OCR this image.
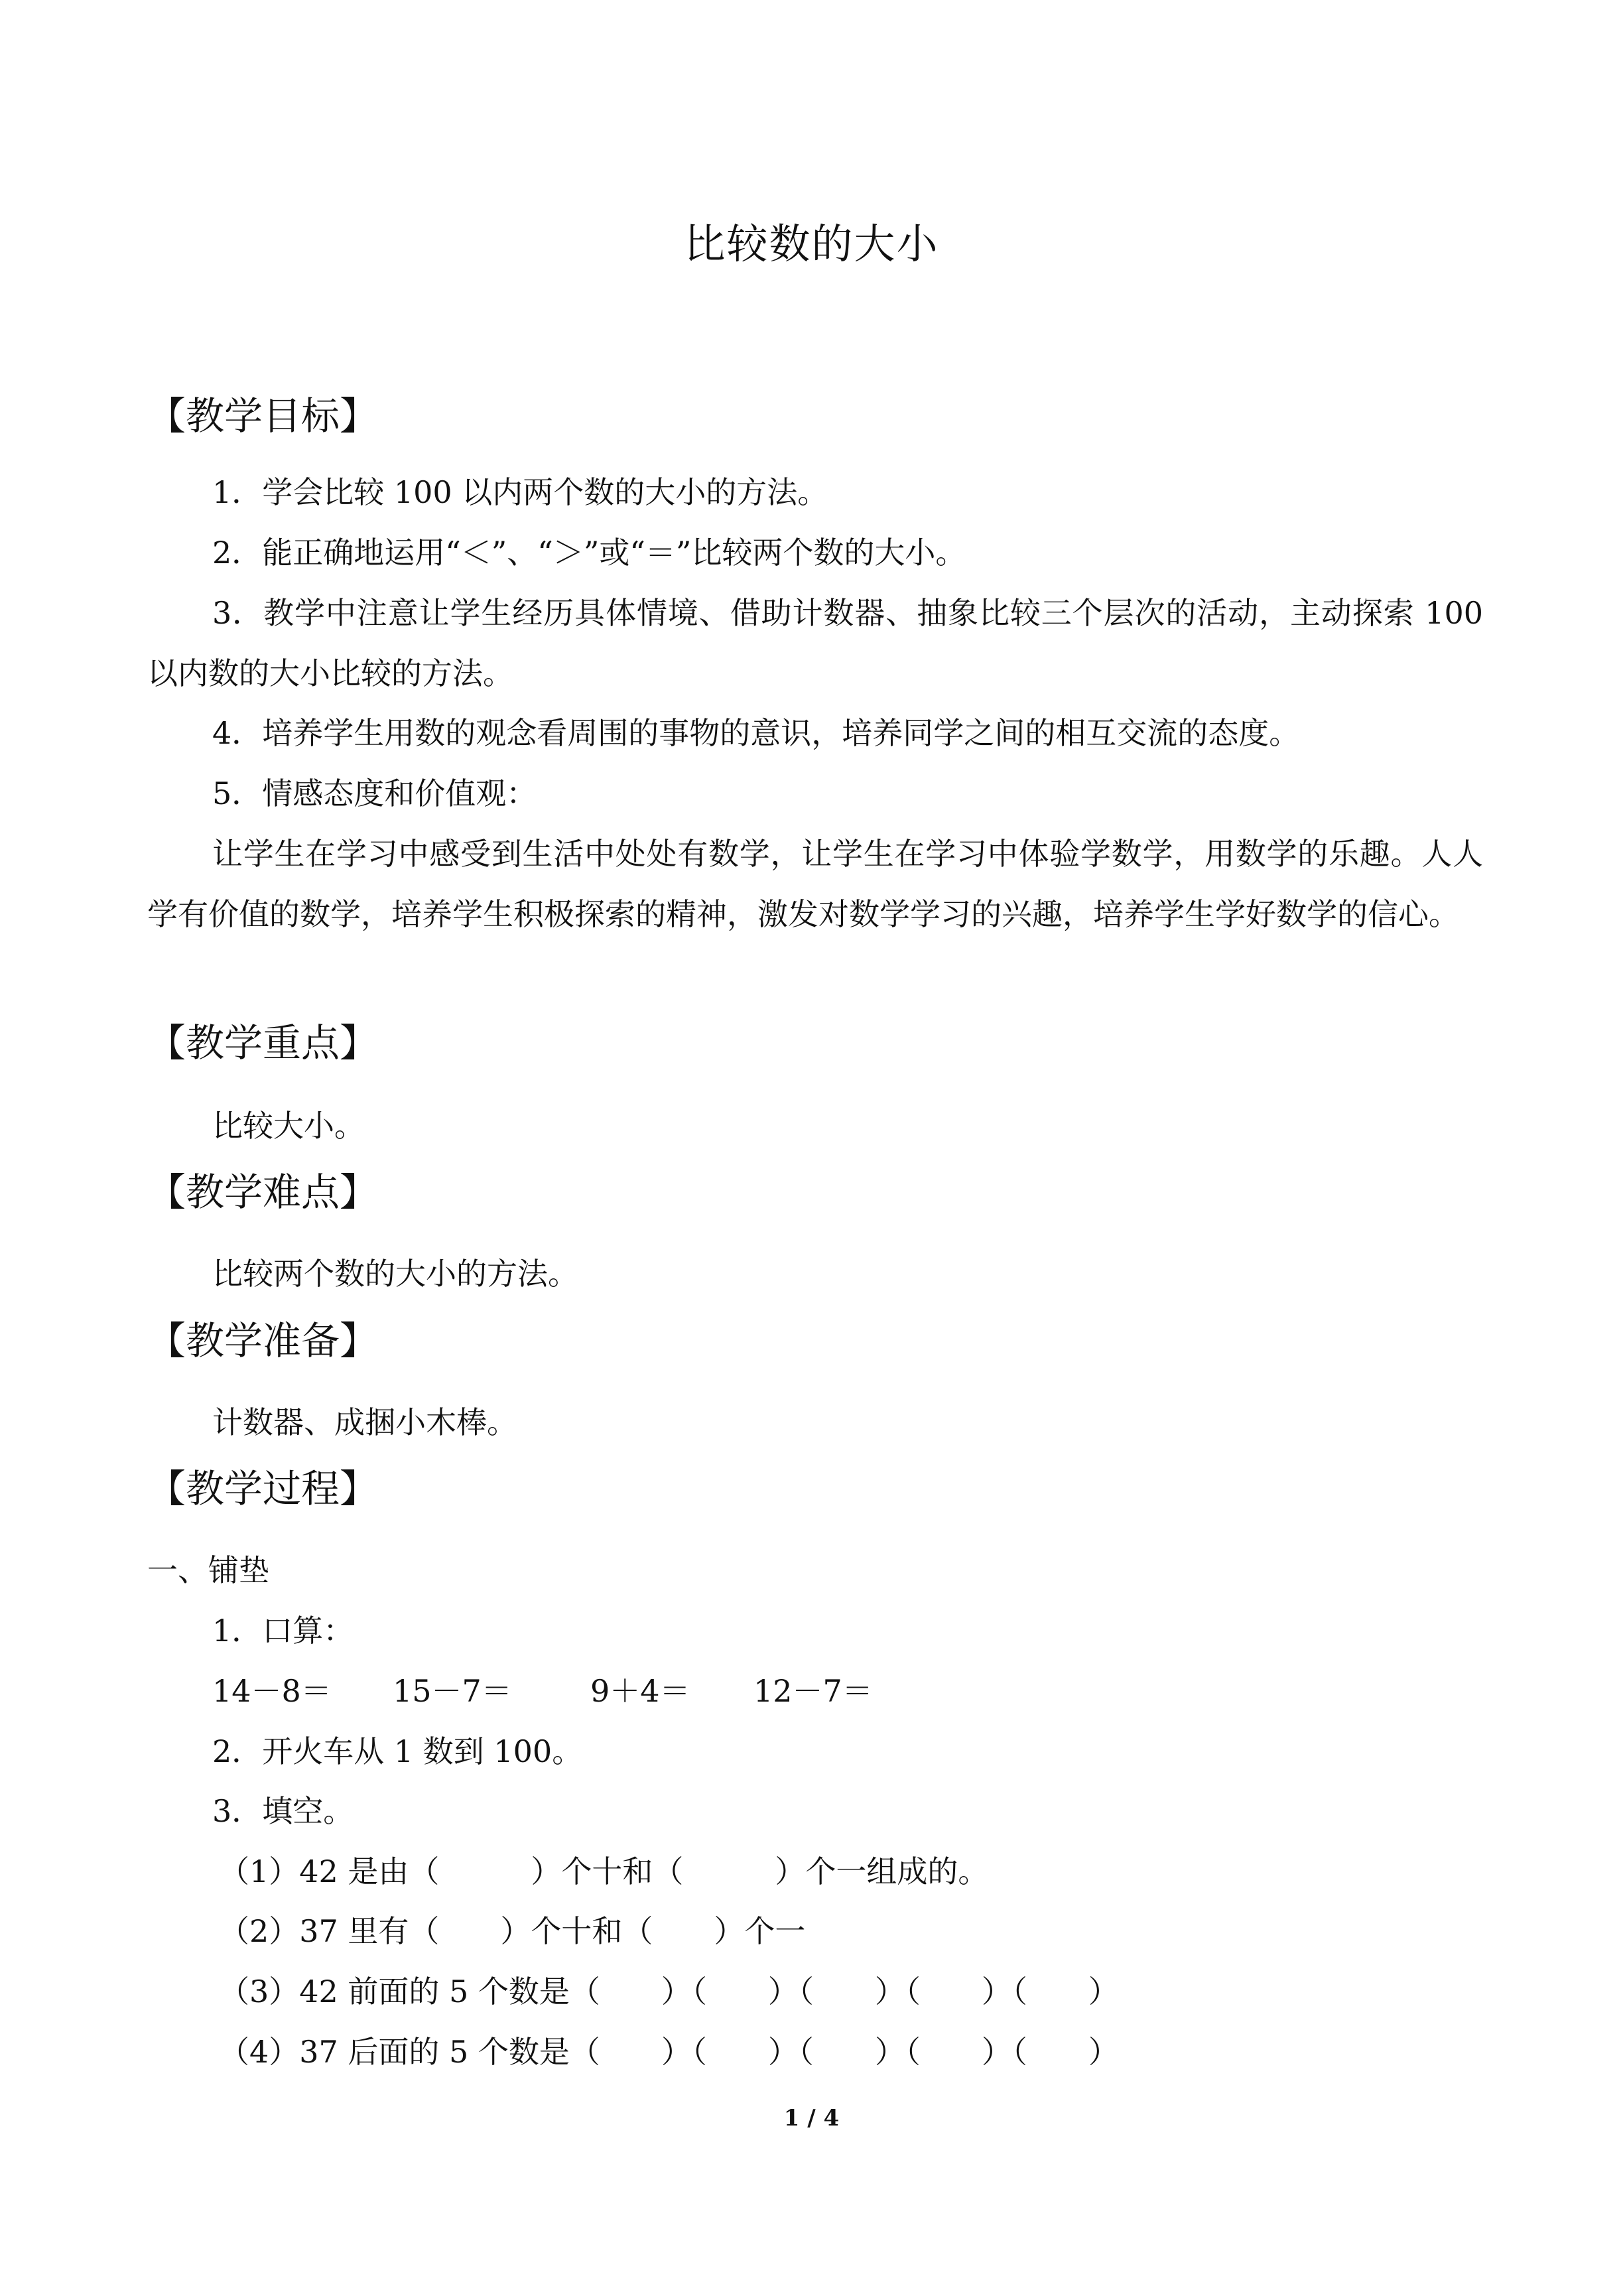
比较数的大小
【教学目标】
1．学会比较 100 以内两个数的大小的方法。
2．能正确地运用“＜”、“＞”或“＝”比较两个数的大小。
3．教学中注意让学生经历具体情境、借助计数器、抽象比较三个层次的活动，主动探索 100 以内数的大小比较的方法。
4．培养学生用数的观念看周围的事物的意识，培养同学之间的相互交流的态度。
5．情感态度和价值观：
让学生在学习中感受到生活中处处有数学，让学生在学习中体验学数学，用数学的乐趣。人人学有价值的数学，培养学生积极探索的精神，激发对数学学习的兴趣，培养学生学好数学的信心。
【教学重点】
比较大小。
【教学难点】
比较两个数的大小的方法。
【教学准备】
计数器、成捆小木棒。
【教学过程】
一、铺垫
1．口算：
14－8＝ 15－7＝	9＋4＝ 12－7＝
2．开火车从 1 数到 100。
3．填空。
（1）42 是由（　　　）个十和（　　　）个一组成的。
（2）37 里有（　　）个十和（　　）个一
（3）42 前面的 5 个数是（　　）（　　）（　　）（　　）（　　）
（4）37 后面的 5 个数是（　　）（　　）（　　）（　　）（　　）
1 / 4
